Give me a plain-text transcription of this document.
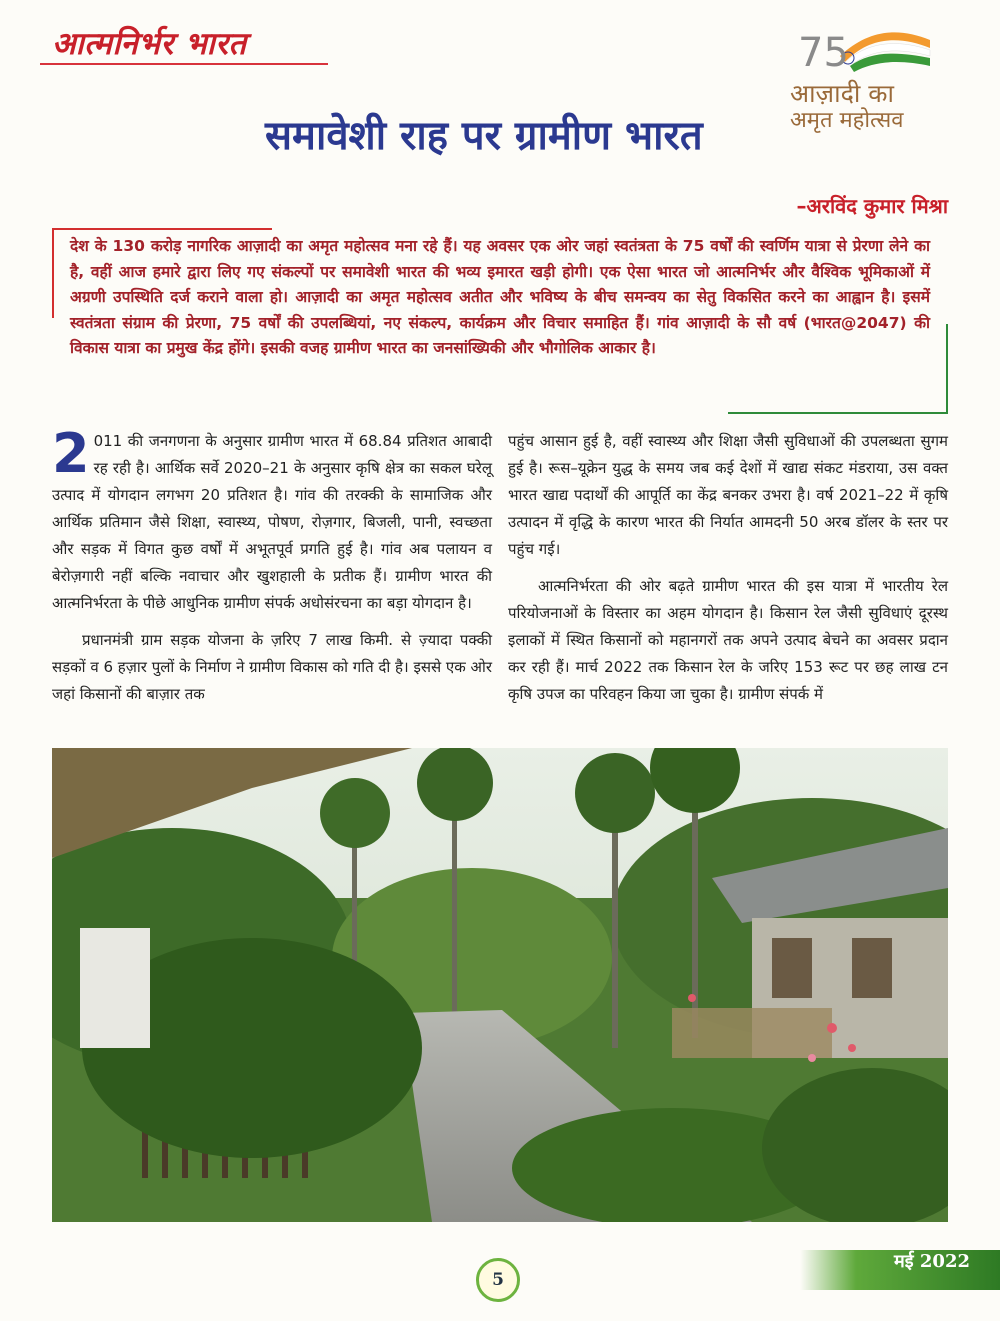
आत्मनिर्भर भारत	75
आज़ादी का
अमृत महोत्सव
समावेशी राह पर ग्रामीण भारत
–अरविंद कुमार मिश्रा
देश के 130 करोड़ नागरिक आज़ादी का अमृत महोत्सव मना रहे हैं। यह अवसर एक ओर जहां स्वतंत्रता के 75 वर्षों की स्वर्णिम यात्रा से प्रेरणा लेने का है, वहीं आज हमारे द्वारा लिए गए संकल्पों पर समावेशी भारत की भव्य इमारत खड़ी होगी। एक ऐसा भारत जो आत्मनिर्भर और वैश्विक भूमिकाओं में अग्रणी उपस्थिति दर्ज कराने वाला हो। आज़ादी का अमृत महोत्सव अतीत और भविष्य के बीच समन्वय का सेतु विकसित करने का आह्वान है। इसमें स्वतंत्रता संग्राम की प्रेरणा, 75 वर्षों की उपलब्धियां, नए संकल्प, कार्यक्रम और विचार समाहित हैं। गांव आज़ादी के सौ वर्ष (भारत@2047) की विकास यात्रा का प्रमुख केंद्र होंगे। इसकी वजह ग्रामीण भारत का जनसांख्यिकी और भौगोलिक आकार है।

2 011 की जनगणना के अनुसार ग्रामीण भारत में 68.84 प्रतिशत आबादी रह रही है। आर्थिक सर्वे 2020–21 के अनुसार कृषि क्षेत्र का सकल घरेलू उत्पाद में योगदान लगभग 20 प्रतिशत है। गांव की तरक्की के सामाजिक और आर्थिक प्रतिमान जैसे शिक्षा, स्वास्थ्य, पोषण, रोज़गार, बिजली, पानी, स्वच्छता और सड़क में विगत कुछ वर्षों में अभूतपूर्व प्रगति हुई है। गांव अब पलायन व बेरोज़गारी नहीं बल्कि नवाचार और खुशहाली के प्रतीक हैं। ग्रामीण भारत की आत्मनिर्भरता के पीछे आधुनिक ग्रामीण संपर्क अधोसंरचना का बड़ा योगदान है।

प्रधानमंत्री ग्राम सड़क योजना के ज़रिए 7 लाख किमी. से ज़्यादा पक्की सड़कों व 6 हज़ार पुलों के निर्माण ने ग्रामीण विकास को गति दी है। इससे एक ओर जहां किसानों की बाज़ार तक

पहुंच आसान हुई है, वहीं स्वास्थ्य और शिक्षा जैसी सुविधाओं की उपलब्धता सुगम हुई है। रूस–यूक्रेन युद्ध के समय जब कई देशों में खाद्य संकट मंडराया, उस वक्त भारत खाद्य पदार्थों की आपूर्ति का केंद्र बनकर उभरा है। वर्ष 2021–22 में कृषि उत्पादन में वृद्धि के कारण भारत की निर्यात आमदनी 50 अरब डॉलर के स्तर पर पहुंच गई।

आत्मनिर्भरता की ओर बढ़ते ग्रामीण भारत की इस यात्रा में भारतीय रेल परियोजनाओं के विस्तार का अहम योगदान है। किसान रेल जैसी सुविधाएं दूरस्थ इलाकों में स्थित किसानों को महानगरों तक अपने उत्पाद बेचने का अवसर प्रदान कर रही हैं। मार्च 2022 तक किसान रेल के जरिए 153 रूट पर छह लाख टन कृषि उपज का परिवहन किया जा चुका है। ग्रामीण संपर्क में

5
मई 2022
